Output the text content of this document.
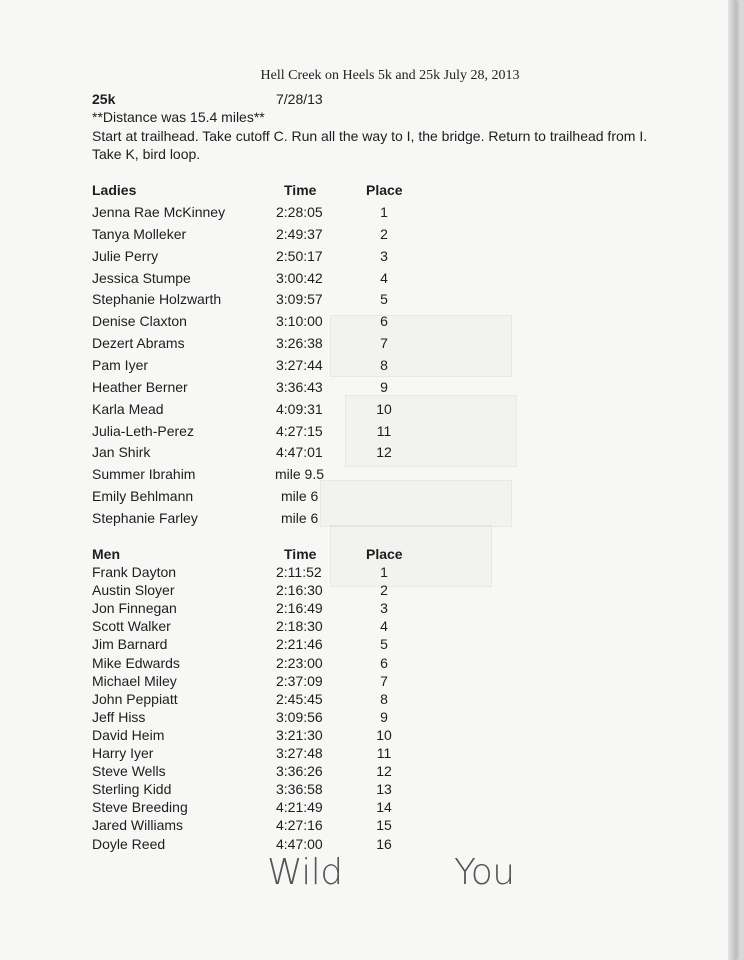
Hell Creek on Heels 5k and 25k July 28, 2013
25k	7/28/13
**Distance was 15.4 miles**
Start at trailhead. Take cutoff C. Run all the way to I, the bridge. Return to trailhead from I.
Take K, bird loop.
Ladies	Time	Place
Jenna Rae McKinney	2:28:05	1
Tanya Molleker	2:49:37	2
Julie Perry	2:50:17	3
Jessica Stumpe	3:00:42	4
Stephanie Holzwarth	3:09:57	5
Denise Claxton	3:10:00	6
Dezert Abrams	3:26:38	7
Pam Iyer	3:27:44	8
Heather Berner	3:36:43	9
Karla Mead	4:09:31	10
Julia-Leth-Perez	4:27:15	11
Jan Shirk	4:47:01	12
Summer Ibrahim	mile 9.5
Emily Behlmann	mile 6
Stephanie Farley	mile 6
Men	Time	Place
Frank Dayton	2:11:52	1
Austin Sloyer	2:16:30	2
Jon Finnegan	2:16:49	3
Scott Walker	2:18:30	4
Jim Barnard	2:21:46	5
Mike Edwards	2:23:00	6
Michael Miley	2:37:09	7
John Peppiatt	2:45:45	8
Jeff Hiss	3:09:56	9
David Heim	3:21:30	10
Harry Iyer	3:27:48	11
Steve Wells	3:36:26	12
Sterling Kidd	3:36:58	13
Steve Breeding	4:21:49	14
Jared Williams	4:27:16	15
Doyle Reed	4:47:00	16
Wild	You
